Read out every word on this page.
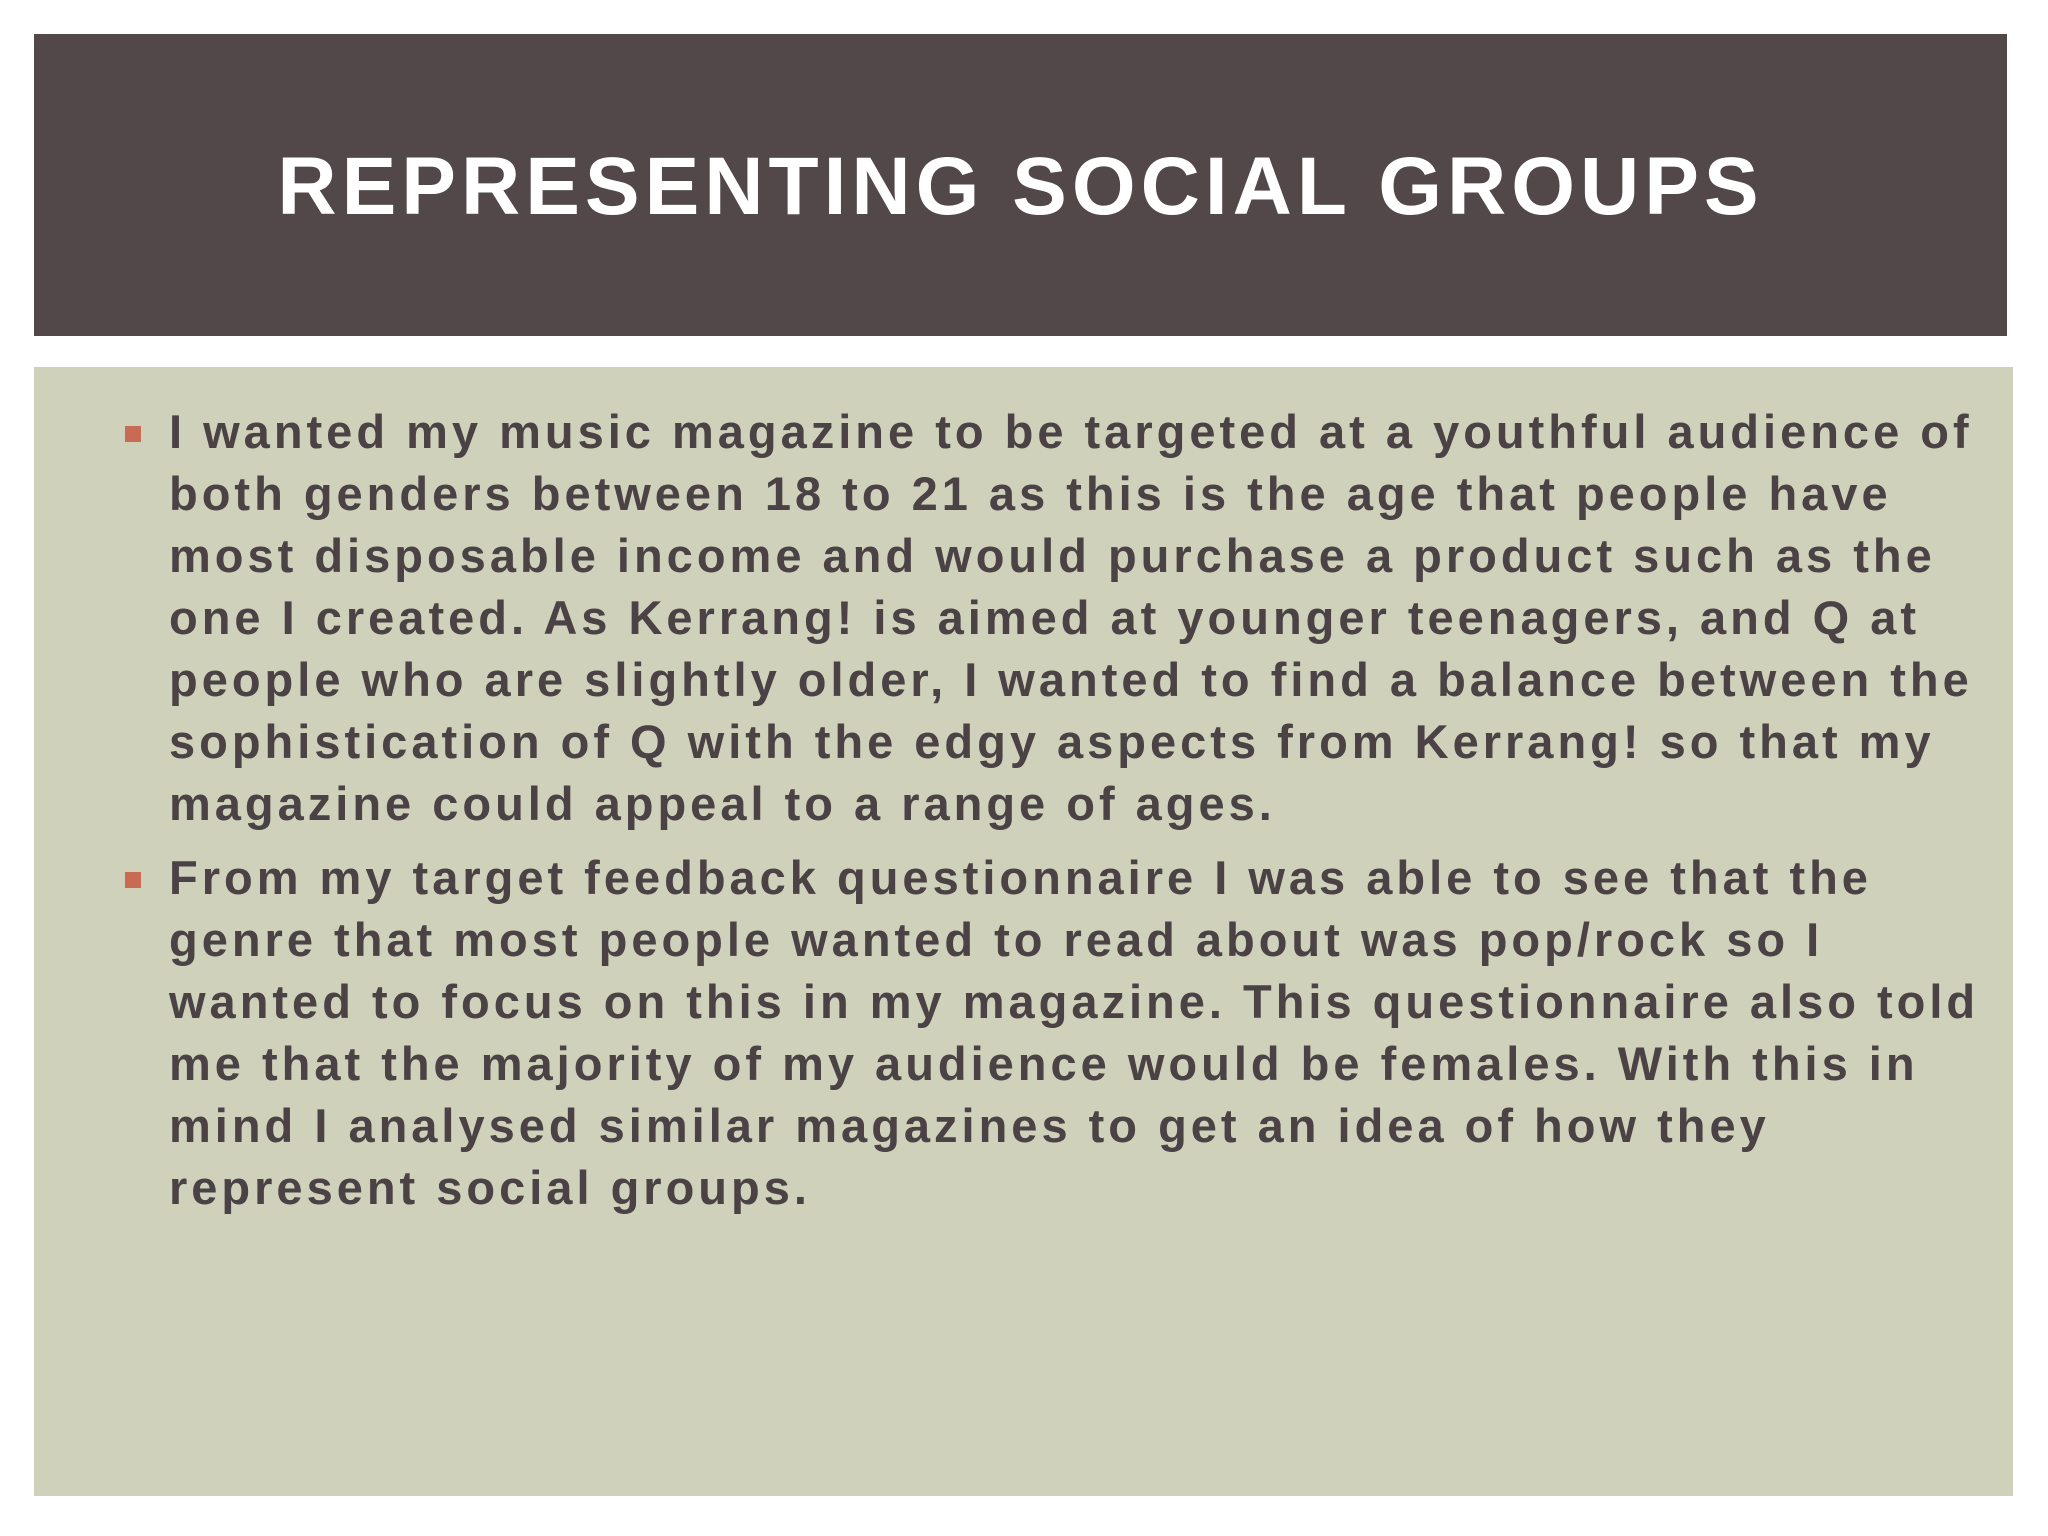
REPRESENTING SOCIAL GROUPS
I wanted my music magazine to be targeted at a youthful audience of both genders between 18 to 21 as this is the age that people have most disposable income and would purchase a product such as the one I created. As Kerrang! is aimed at younger teenagers, and Q at people who are slightly older, I wanted to find a balance between the sophistication of Q with the edgy aspects from Kerrang! so that my magazine could appeal to a range of ages.
From my target feedback questionnaire I was able to see that the genre that most people wanted to read about was pop/rock so I wanted to focus on this in my magazine. This questionnaire also told me that the majority of my audience would be females. With this in mind I analysed similar magazines to get an idea of how they represent social groups.
